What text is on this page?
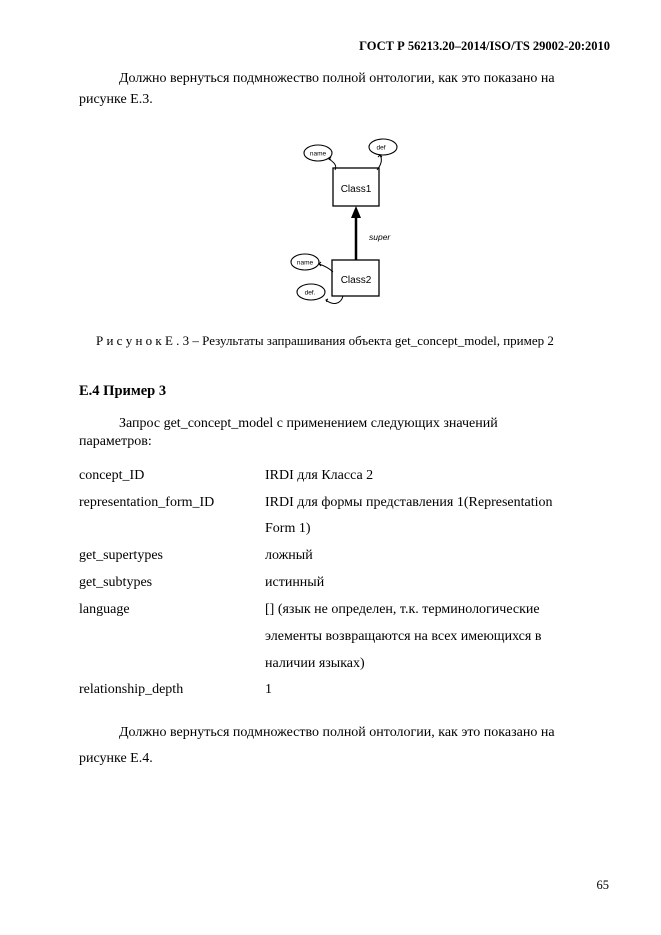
ГОСТ Р 56213.20–2014/ISO/TS 29002-20:2010
Должно вернуться подмножество полной онтологии, как это показано на
рисунке Е.3.
Class1
Class2
super
name
def
name
def.
Р и с у н о к Е . 3 – Результаты запрашивания объекта get_concept_model, пример 2
Е.4 Пример 3
Запрос get_concept_model с применением следующих значений
параметров:
concept_ID	IRDI для Класса 2
representation_form_ID	IRDI для формы представления 1(Representation
Form 1)
get_supertypes	ложный
get_subtypes	истинный
language	[] (язык не определен, т.к. терминологические
элементы возвращаются на всех имеющихся в
наличии языках)
relationship_depth	1
Должно вернуться подмножество полной онтологии, как это показано на
рисунке Е.4.
65
